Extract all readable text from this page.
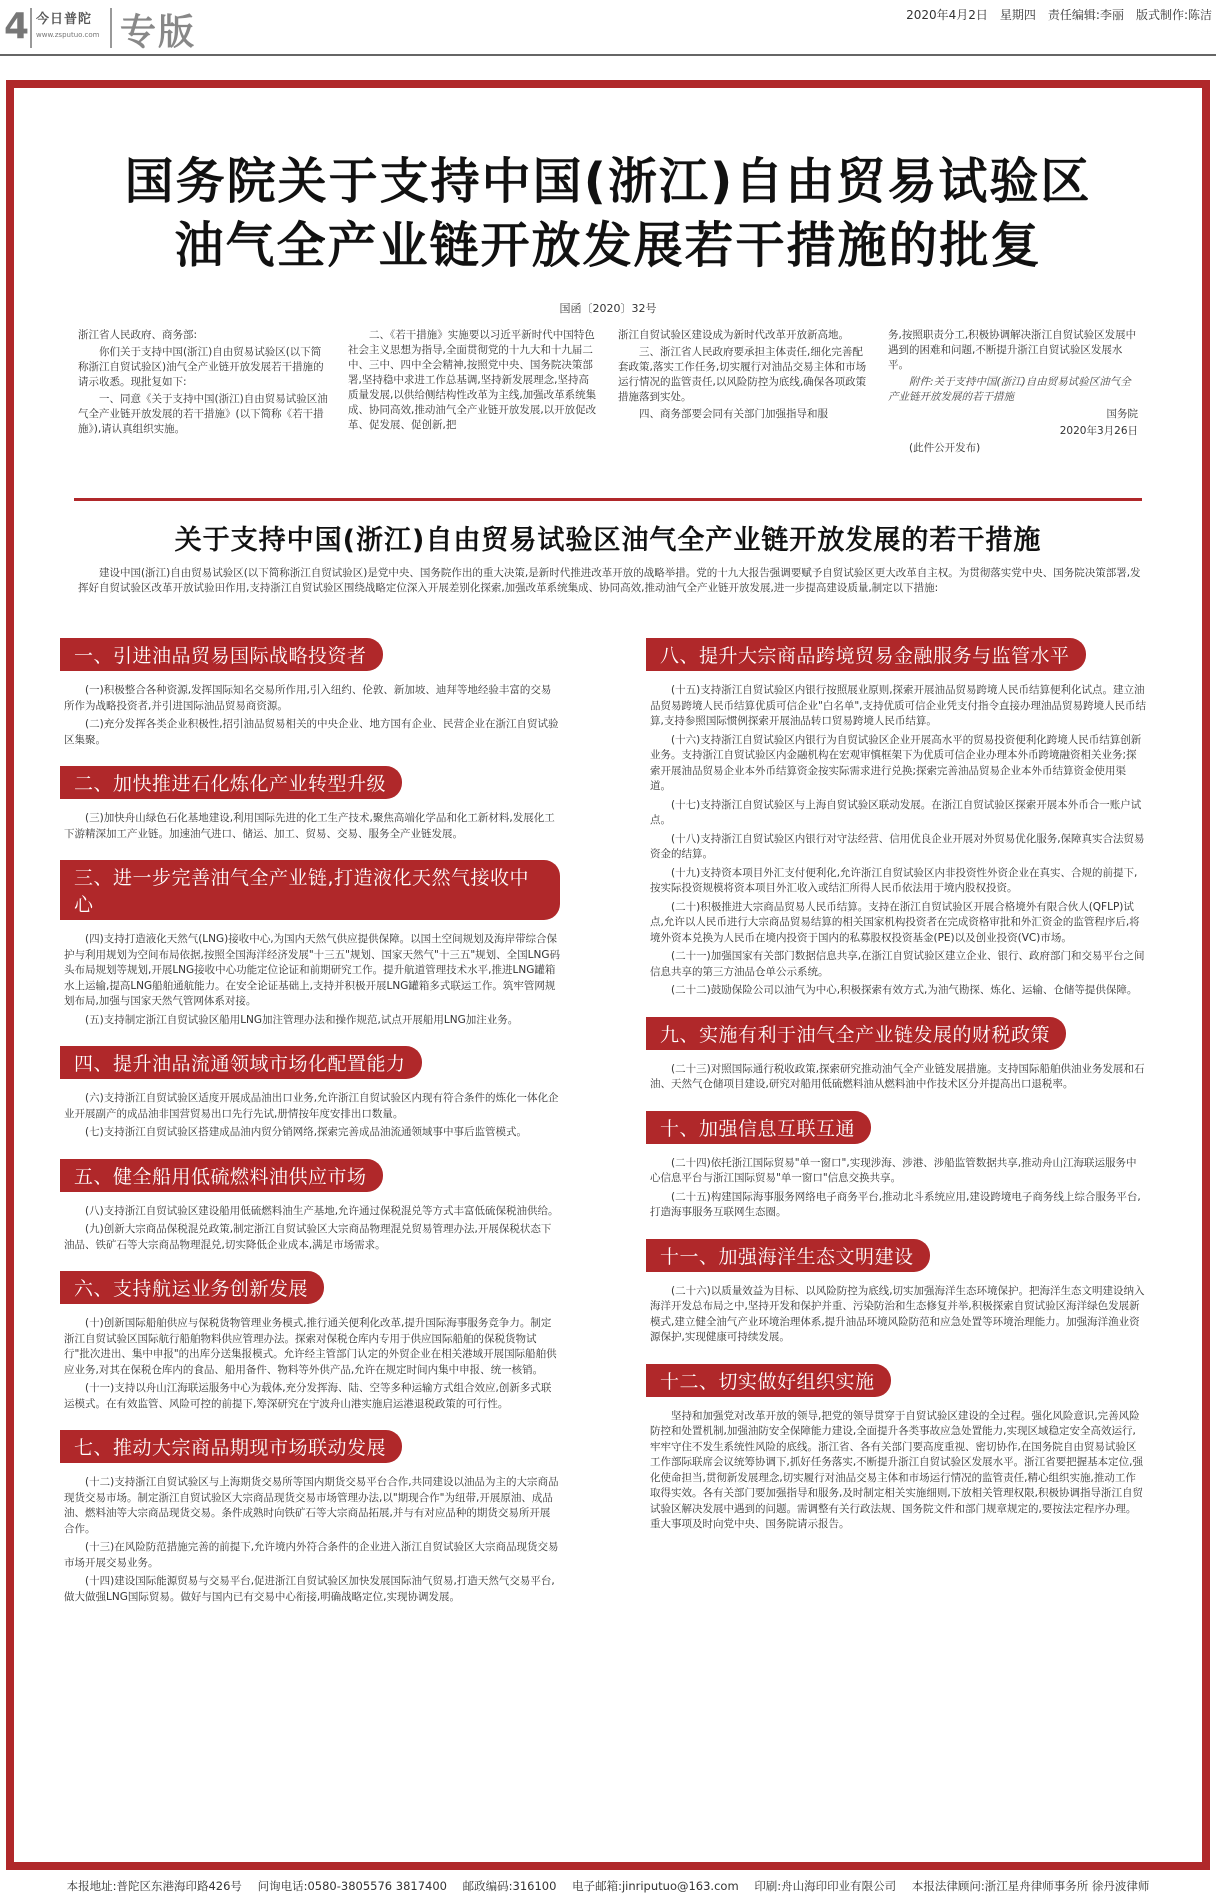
4 今日普陀
www.zsputuo.com 专版	2020年4月2日　星期四　责任编辑:李丽　版式制作:陈洁
国务院关于支持中国(浙江)自由贸易试验区
油气全产业链开放发展若干措施的批复
国函〔2020〕32号

浙江省人民政府、商务部:

你们关于支持中国(浙江)自由贸易试验区(以下简称浙江自贸试验区)油气全产业链开放发展若干措施的请示收悉。现批复如下:

一、同意《关于支持中国(浙江)自由贸易试验区油气全产业链开放发展的若干措施》(以下简称《若干措施》),请认真组织实施。

二、《若干措施》实施要以习近平新时代中国特色社会主义思想为指导,全面贯彻党的十九大和十九届二中、三中、四中全会精神,按照党中央、国务院决策部署,坚持稳中求进工作总基调,坚持新发展理念,坚持高质量发展,以供给侧结构性改革为主线,加强改革系统集成、协同高效,推动油气全产业链开放发展,以开放促改革、促发展、促创新,把

浙江自贸试验区建设成为新时代改革开放新高地。

三、浙江省人民政府要承担主体责任,细化完善配套政策,落实工作任务,切实履行对油品交易主体和市场运行情况的监管责任,以风险防控为底线,确保各项政策措施落到实处。

四、商务部要会同有关部门加强指导和服

务,按照职责分工,积极协调解决浙江自贸试验区发展中遇到的困难和问题,不断提升浙江自贸试验区发展水平。

附件:关于支持中国(浙江)自由贸易试验区油气全产业链开放发展的若干措施

国务院

2020年3月26日

(此件公开发布)

关于支持中国(浙江)自由贸易试验区油气全产业链开放发展的若干措施
建设中国(浙江)自由贸易试验区(以下简称浙江自贸试验区)是党中央、国务院作出的重大决策,是新时代推进改革开放的战略举措。党的十九大报告强调要赋予自贸试验区更大改革自主权。为贯彻落实党中央、国务院决策部署,发挥好自贸试验区改革开放试验田作用,支持浙江自贸试验区围绕战略定位深入开展差别化探索,加强改革系统集成、协同高效,推动油气全产业链开放发展,进一步提高建设质量,制定以下措施:
一、引进油品贸易国际战略投资者

(一)积极整合各种资源,发挥国际知名交易所作用,引入纽约、伦敦、新加坡、迪拜等地经验丰富的交易所作为战略投资者,并引进国际油品贸易商资源。

(二)充分发挥各类企业积极性,招引油品贸易相关的中央企业、地方国有企业、民营企业在浙江自贸试验区集聚。

二、加快推进石化炼化产业转型升级

(三)加快舟山绿色石化基地建设,利用国际先进的化工生产技术,聚焦高端化学品和化工新材料,发展化工下游精深加工产业链。加速油气进口、储运、加工、贸易、交易、服务全产业链发展。

三、进一步完善油气全产业链,打造液化天然气接收中心

(四)支持打造液化天然气(LNG)接收中心,为国内天然气供应提供保障。以国土空间规划及海岸带综合保护与利用规划为空间布局依据,按照全国海洋经济发展"十三五"规划、国家天然气"十三五"规划、全国LNG码头布局规划等规划,开展LNG接收中心功能定位论证和前期研究工作。提升航道管理技术水平,推进LNG罐箱水上运输,提高LNG船舶通航能力。在安全论证基础上,支持并积极开展LNG罐箱多式联运工作。筑牢管网规划布局,加强与国家天然气管网体系对接。

(五)支持制定浙江自贸试验区船用LNG加注管理办法和操作规范,试点开展船用LNG加注业务。

四、提升油品流通领域市场化配置能力

(六)支持浙江自贸试验区适度开展成品油出口业务,允许浙江自贸试验区内现有符合条件的炼化一体化企业开展副产的成品油非国营贸易出口先行先试,册情按年度安排出口数量。

(七)支持浙江自贸试验区搭建成品油内贸分销网络,探索完善成品油流通领域事中事后监管模式。

五、健全船用低硫燃料油供应市场

(八)支持浙江自贸试验区建设船用低硫燃料油生产基地,允许通过保税混兑等方式丰富低硫保税油供给。

(九)创新大宗商品保税混兑政策,制定浙江自贸试验区大宗商品物理混兑贸易管理办法,开展保税状态下油品、铁矿石等大宗商品物理混兑,切实降低企业成本,满足市场需求。

六、支持航运业务创新发展

(十)创新国际船舶供应与保税货物管理业务模式,推行通关便利化改革,提升国际海事服务竞争力。制定浙江自贸试验区国际航行船舶物料供应管理办法。探索对保税仓库内专用于供应国际船舶的保税货物试行"批次进出、集中申报"的出库分送集报模式。允许经主管部门认定的外贸企业在相关港域开展国际船舶供应业务,对其在保税仓库内的食品、船用备件、物料等外供产品,允许在规定时间内集中申报、统一核销。

(十一)支持以舟山江海联运服务中心为载体,充分发挥海、陆、空等多种运输方式组合效应,创新多式联运模式。在有效监管、风险可控的前提下,筹深研究在宁波舟山港实施启运港退税政策的可行性。

七、推动大宗商品期现市场联动发展

(十二)支持浙江自贸试验区与上海期货交易所等国内期货交易平台合作,共同建设以油品为主的大宗商品现货交易市场。制定浙江自贸试验区大宗商品现货交易市场管理办法,以"期现合作"为纽带,开展原油、成品油、燃料油等大宗商品现货交易。条件成熟时向铁矿石等大宗商品拓展,并与有对应品种的期货交易所开展合作。

(十三)在风险防范措施完善的前提下,允许境内外符合条件的企业进入浙江自贸试验区大宗商品现货交易市场开展交易业务。

(十四)建设国际能源贸易与交易平台,促进浙江自贸试验区加快发展国际油气贸易,打造天然气交易平台,做大做强LNG国际贸易。做好与国内已有交易中心衔接,明确战略定位,实现协调发展。

八、提升大宗商品跨境贸易金融服务与监管水平

(十五)支持浙江自贸试验区内银行按照展业原则,探索开展油品贸易跨境人民币结算便利化试点。建立油品贸易跨境人民币结算优质可信企业"白名单",支持优质可信企业凭支付指令直接办理油品贸易跨境人民币结算,支持参照国际惯例探索开展油品转口贸易跨境人民币结算。

(十六)支持浙江自贸试验区内银行为自贸试验区企业开展高水平的贸易投资便利化跨境人民币结算创新业务。支持浙江自贸试验区内金融机构在宏观审慎框架下为优质可信企业办理本外币跨境融资相关业务;探索开展油品贸易企业本外币结算资金按实际需求进行兑换;探索完善油品贸易企业本外币结算资金使用渠道。

(十七)支持浙江自贸试验区与上海自贸试验区联动发展。在浙江自贸试验区探索开展本外币合一账户试点。

(十八)支持浙江自贸试验区内银行对守法经营、信用优良企业开展对外贸易优化服务,保障真实合法贸易资金的结算。

(十九)支持资本项目外汇支付便利化,允许浙江自贸试验区内非投资性外资企业在真实、合规的前提下,按实际投资规模将资本项目外汇收入或结汇所得人民币依法用于境内股权投资。

(二十)积极推进大宗商品贸易人民币结算。支持在浙江自贸试验区开展合格境外有限合伙人(QFLP)试点,允许以人民币进行大宗商品贸易结算的相关国家机构投资者在完成资格审批和外汇资金的监管程序后,将境外资本兑换为人民币在境内投资于国内的私募股权投资基金(PE)以及创业投资(VC)市场。

(二十一)加强国家有关部门数据信息共享,在浙江自贸试验区建立企业、银行、政府部门和交易平台之间信息共享的第三方油品仓单公示系统。

(二十二)鼓励保险公司以油气为中心,积极探索有效方式,为油气勘探、炼化、运输、仓储等提供保障。

九、实施有利于油气全产业链发展的财税政策

(二十三)对照国际通行税收政策,探索研究推动油气全产业链发展措施。支持国际船舶供油业务发展和石油、天然气仓储项目建设,研究对船用低硫燃料油从燃料油中作技术区分并提高出口退税率。

十、加强信息互联互通

(二十四)依托浙江国际贸易"单一窗口",实现涉海、涉港、涉船监管数据共享,推动舟山江海联运服务中心信息平台与浙江国际贸易"单一窗口"信息交换共享。

(二十五)构建国际海事服务网络电子商务平台,推动北斗系统应用,建设跨境电子商务线上综合服务平台,打造海事服务互联网生态圈。

十一、加强海洋生态文明建设

(二十六)以质量效益为目标、以风险防控为底线,切实加强海洋生态环境保护。把海洋生态文明建设纳入海洋开发总布局之中,坚持开发和保护并重、污染防治和生态修复并举,积极探索自贸试验区海洋绿色发展新模式,建立健全油气产业环境治理体系,提升油品环境风险防范和应急处置等环境治理能力。加强海洋渔业资源保护,实现健康可持续发展。

十二、切实做好组织实施

坚持和加强党对改革开放的领导,把党的领导贯穿于自贸试验区建设的全过程。强化风险意识,完善风险防控和处置机制,加强油防安全保障能力建设,全面提升各类事故应急处置能力,实现区域稳定安全高效运行,牢牢守住不发生系统性风险的底线。浙江省、各有关部门要高度重视、密切协作,在国务院自由贸易试验区工作部际联席会议统筹协调下,抓好任务落实,不断提升浙江自贸试验区发展水平。浙江省要把握基本定位,强化使命担当,贯彻新发展理念,切实履行对油品交易主体和市场运行情况的监管责任,精心组织实施,推动工作取得实效。各有关部门要加强指导和服务,及时制定相关实施细则,下放相关管理权限,积极协调指导浙江自贸试验区解决发展中遇到的问题。需调整有关行政法规、国务院文件和部门规章规定的,要按法定程序办理。重大事项及时向党中央、国务院请示报告。

本报地址:普陀区东港海印路426号 问询电话:0580-3805576 3817400 邮政编码:316100 电子邮箱:jinriputuo@163.com 印刷:舟山海印印业有限公司 本报法律顾问:浙江星舟律师事务所 徐丹波律师
